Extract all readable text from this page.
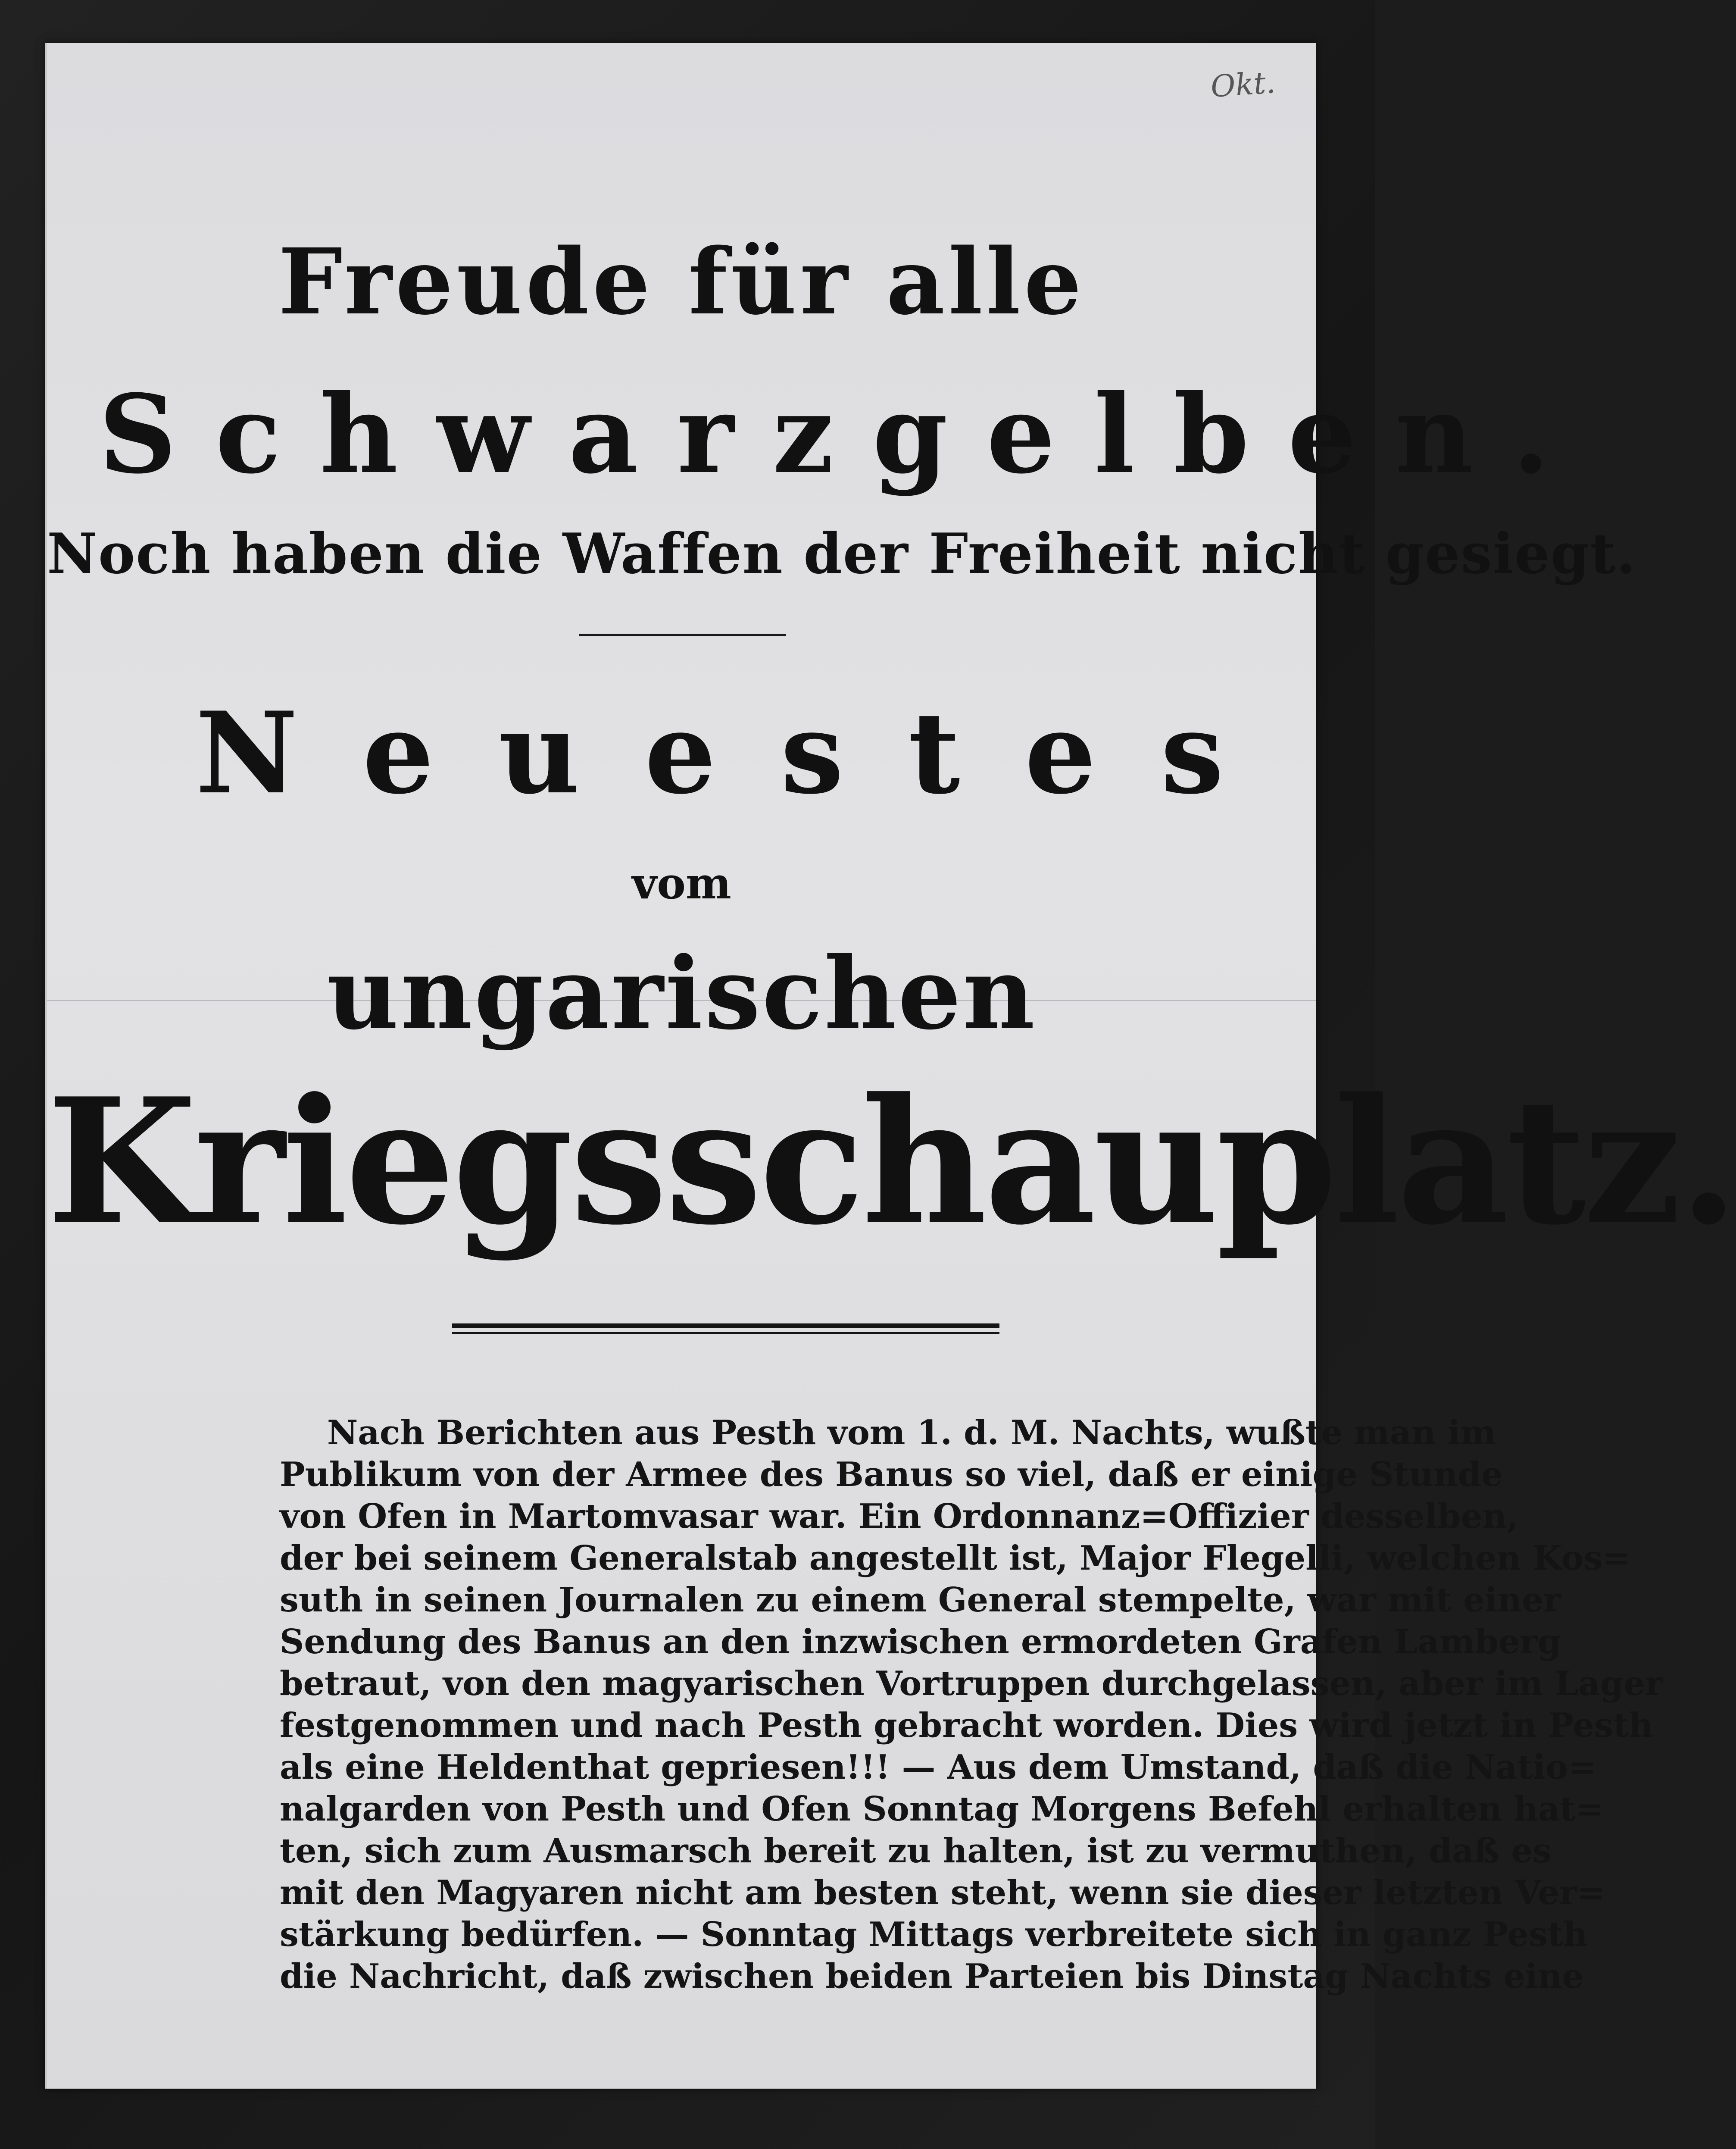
Okt.
Freude für alle
Schwarzgelben.
Noch haben die Waffen der Freiheit nicht gesiegt.
Neuestes
vom
ungarischen
Kriegsschauplatz.
Nach Berichten aus Pesth vom 1. d. M. Nachts, wußte man im
Publikum von der Armee des Banus so viel, daß er einige Stunde
von Ofen in Martomvasar war. Ein Ordonnanz=Offizier desselben,
der bei seinem Generalstab angestellt ist, Major Flegelli, welchen Kos=
suth in seinen Journalen zu einem General stempelte, war mit einer
Sendung des Banus an den inzwischen ermordeten Grafen Lamberg
betraut, von den magyarischen Vortruppen durchgelassen, aber im Lager
festgenommen und nach Pesth gebracht worden. Dies wird jetzt in Pesth
als eine Heldenthat gepriesen!!! — Aus dem Umstand, daß die Natio=
nalgarden von Pesth und Ofen Sonntag Morgens Befehl erhalten hat=
ten, sich zum Ausmarsch bereit zu halten, ist zu vermuthen, daß es
mit den Magyaren nicht am besten steht, wenn sie dieser letzten Ver=
stärkung bedürfen. — Sonntag Mittags verbreitete sich in ganz Pesth
die Nachricht, daß zwischen beiden Parteien bis Dinstag Nachts eine
